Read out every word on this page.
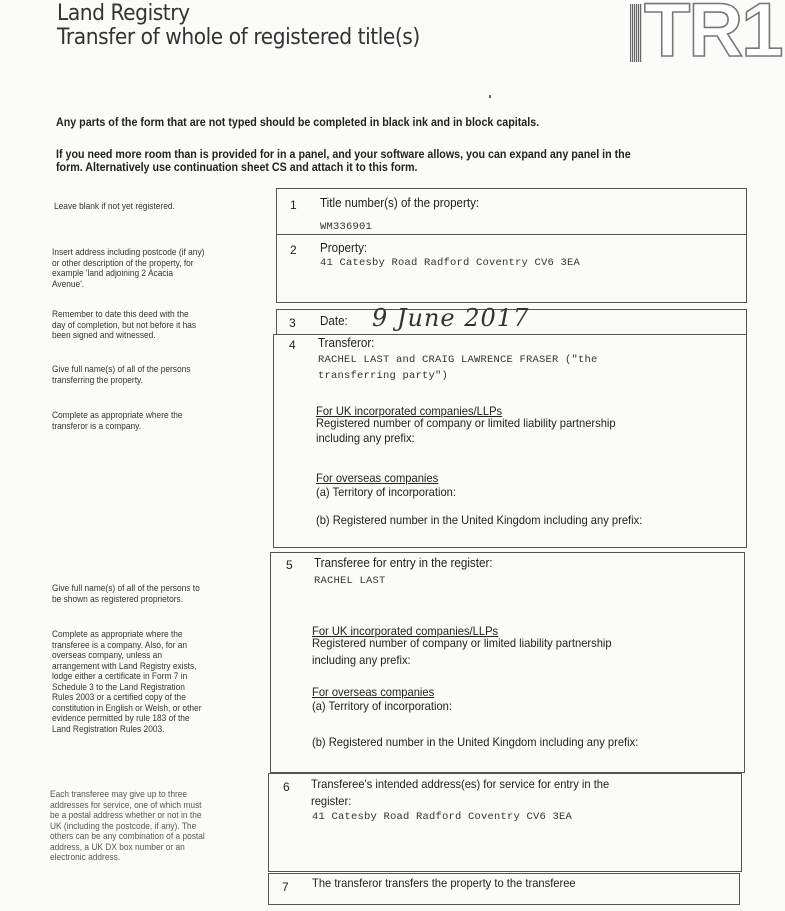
Land Registry
Transfer of whole of registered title(s)	TR1
Any parts of the form that are not typed should be completed in black ink and in block capitals.
If you need more room than is provided for in a panel, and your software allows, you can expand any panel in the
form. Alternatively use continuation sheet CS and attach it to this form.
Leave blank if not yet registered.
Insert address including postcode (if any)
or other description of the property, for
example 'land adjoining 2 Acacia
Avenue'.
Remember to date this deed with the
day of completion, but not before it has
been signed and witnessed.
Give full name(s) of all of the persons
transferring the property.
Complete as appropriate where the
transferor is a company.
Give full name(s) of all of the persons to
be shown as registered proprietors.
Complete as appropriate where the
transferee is a company. Also, for an
overseas company, unless an
arrangement with Land Registry exists,
lodge either a certificate in Form 7 in
Schedule 3 to the Land Registration
Rules 2003 or a certified copy of the
constitution in English or Welsh, or other
evidence permitted by rule 183 of the
Land Registration Rules 2003.
Each transferee may give up to three
addresses for service, one of which must
be a postal address whether or not in the
UK (including the postcode, if any). The
others can be any combination of a postal
address, a UK DX box number or an
electronic address.
1 Title number(s) of the property:
WM336901
2 Property:
41 Catesby Road Radford Coventry CV6 3EA
3 Date: 9 June 2017
4 Transferor:
RACHEL LAST and CRAIG LAWRENCE FRASER ("the
transferring party")
For UK incorporated companies/LLPs
Registered number of company or limited liability partnership
including any prefix:
For overseas companies
(a) Territory of incorporation:
(b) Registered number in the United Kingdom including any prefix:
5 Transferee for entry in the register:
RACHEL LAST
For UK incorporated companies/LLPs
Registered number of company or limited liability partnership
including any prefix:
For overseas companies
(a) Territory of incorporation:
(b) Registered number in the United Kingdom including any prefix:
6 Transferee's intended address(es) for service for entry in the
register:
41 Catesby Road Radford Coventry CV6 3EA
7 The transferor transfers the property to the transferee
